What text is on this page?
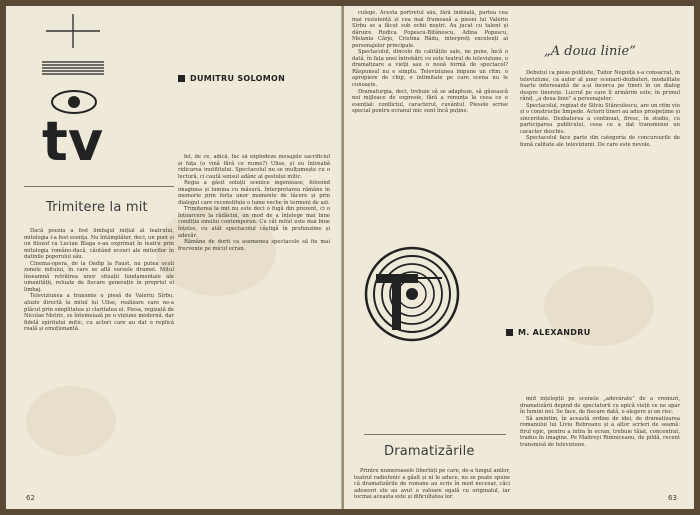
tv
DUMITRU SOLOMON
Trimitere la mit

Dacă poezia a fost limbajul inițial al teatrului, mitologia i-a fost esența. Nu întâmplător, deci, un poet și un filozof ca Lucian Blaga s-au exprimat în teatru prin mitologia româno-dacă, căutând ecouri ale miturilor în datinile poporului său.

Cinema-opera, de la Oedip la Faust, nu putea ocoli zonele mitului, în care se află sursele dramei. Mitul înseamnă retrăirea unor situații fundamentale ale umanității, reluate de fiecare generație în propriul ei limbaj.

Televiziunea a transmis o piesă de Valeriu Sîrbu, aluzie directă la mitul lui Ulise, realizare care ne-a plăcut prin simplitatea și claritatea ei. Piesa, regizată de Nicolae Motric, se întemeiază pe o viziune modernă, dar fidelă spiritului mitic, cu actori care au dat o replică reală și emoționantă.

fel, de ce, adică, fac să explodeze mesajele sacrificiul și fața (o vină fără ce nume?) Ulise, și eu întreabă ridicarea inutilitului. Spectacolul nu se mulțumește cu o lectură, ci caută sensul adânc al gestului mitic.

Regia a găsit soluții scenice ingenioase, folosind imaginea și lumina cu măsură. Interpretarea rămâne în memorie prin forța unor momente de tăcere și prin dialogul care reconstituie o lume veche în termeni de azi.

Trimiterea la mit nu este deci o fugă din prezent, ci o întoarcere la rădăcini, un mod de a înțelege mai bine condiția omului contemporan. Cu cât mitul este mai bine înțeles, cu atât spectacolul câștigă în profunzime și adevăr.

Rămâne de dorit ca asemenea spectacole să fie mai frecvente pe micul ecran.

62

culege. Acesta portretul său, fără îndoială, partea cea mai rezistentă și cea mai frumoasă a piesei lui Valeriu Sîrbu se a făcut sub ochii noștri. Au jucat cu talent și dăruire Rodica Popescu-Bitănescu, Adina Popescu, Melania Cârje, Cristina Rădu, interpreți excelenți ai personajelor principale.

Spectacolul, dincolo de calitățile sale, ne pune, încă o dată, în fața unei întrebări: ce este teatrul de televiziune, o dramatizare a vieții sau o nouă formă de spectacol? Răspunsul nu e simplu. Televiziunea impune un ritm, o apropiere de chip, o intimitate pe care scena nu le cunoaște.

Dramaturgia, deci, trebuie să se adapteze, să găsească noi mijloace de expresie, fără a renunța la ceea ce e esențial: conflictul, caracterul, cuvântul. Piesele scrise special pentru ecranul mic sunt încă puține.

„A doua linie”

Debutul ca piese polițiste, Tudor Negoiță s-a consacrat, în televiziune, ca autor al unor scenarii-dezbateri, modalitate foarte interesantă de a-și încerca pe tineri în un dialog despre tinerețe. Lucrul pe care îl urmărim este, în primul rând, „a doua linie” a personajelor.

Spectacolul, regizat de Silviu Stănculescu, are un ritm viu și o construcție limpede. Actorii tineri au adus prospețime și sinceritate. Dezbaterea a continuat, firesc, în studio, cu participarea publicului, ceea ce a dat transmisiei un caracter deschis.

Spectacolul face parte din categoria de concursurile de bună calitate ale televiziunii. De care este nevoie.

M. ALEXANDRU
Dramatizările

Printre numeroasele libertăți pe care, de-a lungul anilor, teatrul radiofonic a găsit și ni le aduce, nu se poate spune că dramatizările de romane au scris în mod necesar, căci adeseori ele au avut o valoare egală cu originalul, iar tocmai aceasta este și dificultatea lor.

mid înțelepții pe scenele „adevărate” de a vremuri, dramatizării depind de spectatorii cu epică vieții ce ne apar în lumini noi. Se face, de fiecare dată, o alegere și un risc.

Să amintim, în această ordine de idei, de dramatizarea romanului lui Liviu Rebreanu și a altor scrieri de seamă: firul epic, pentru a intra în ecran, trebuie tăiat, concentrat, tradus în imagine. Pe Maitreyi Rimniceanu, de pildă, recent transmisă de televiziune.

63
